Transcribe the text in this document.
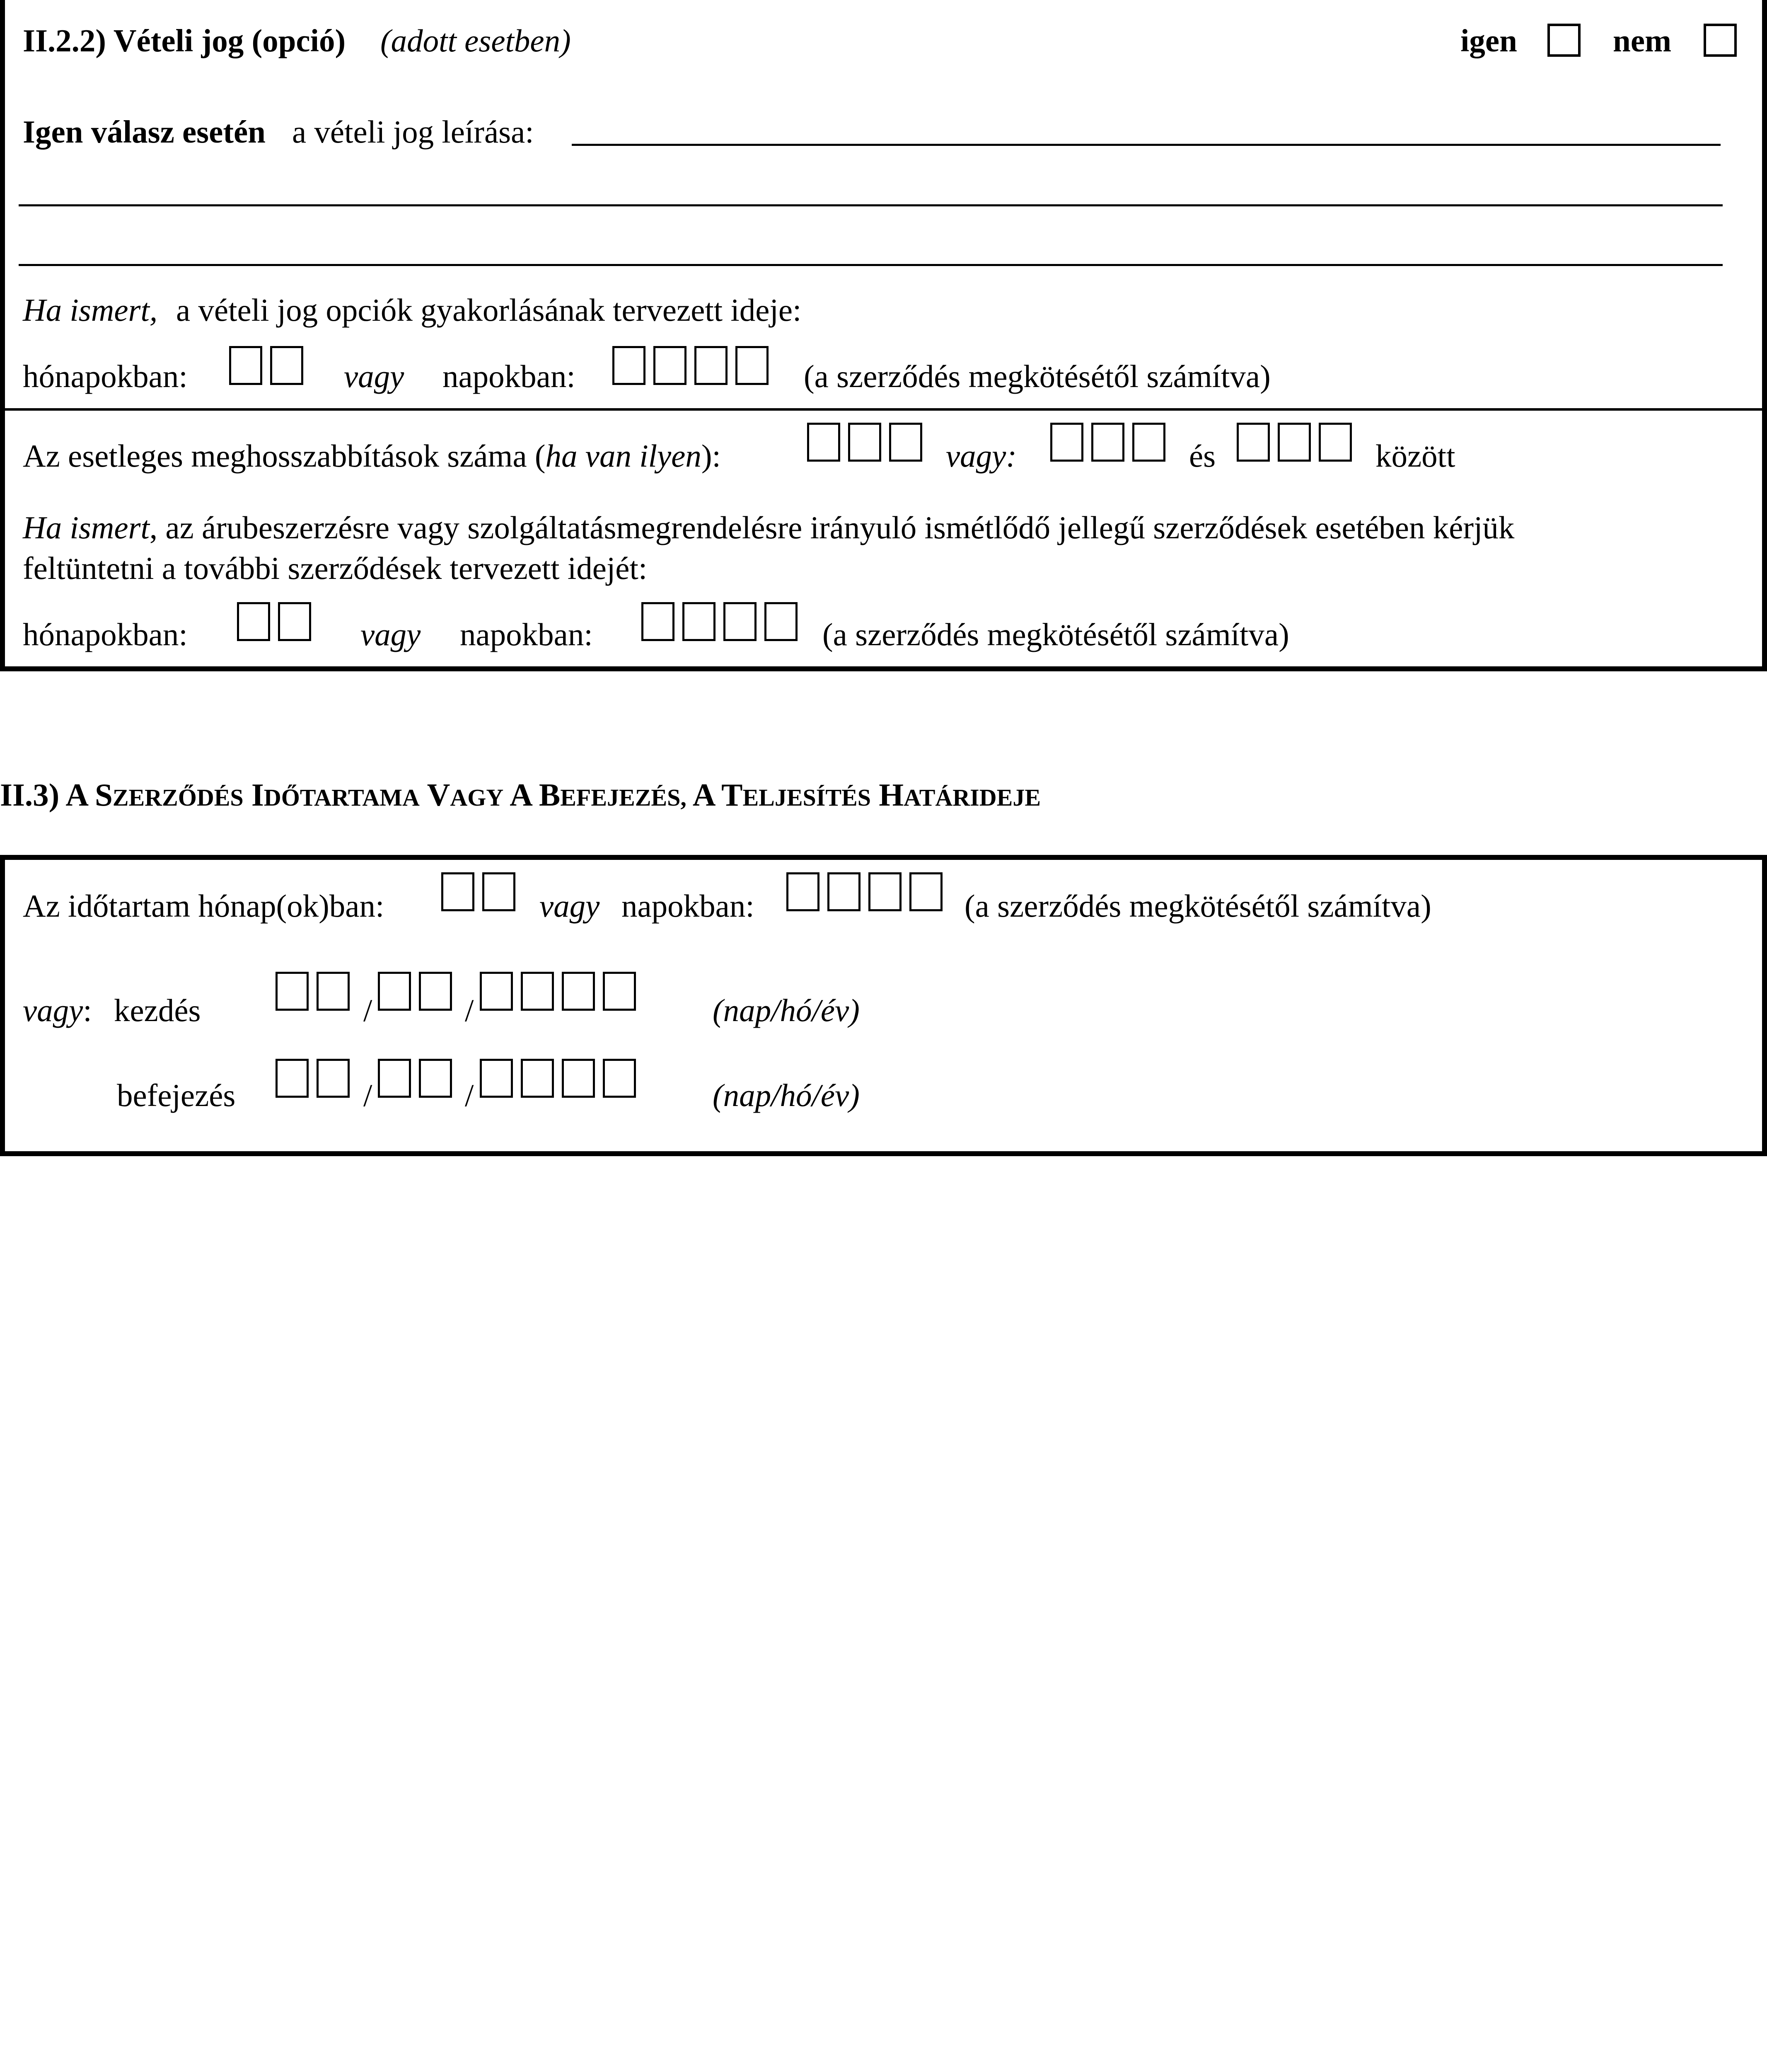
II.2.2) Vételi jog (opció) (adott esetben)	igen	nem
Igen válasz esetén a vételi jog leírása:
Ha ismert, a vételi jog opciók gyakorlásának tervezett ideje:
hónapokban:	vagy napokban:	(a szerződés megkötésétől számítva)
Az esetleges meghosszabbítások száma (ha van ilyen):	vagy:	és	között
Ha ismert, az árubeszerzésre vagy szolgáltatásmegrendelésre irányuló ismétlődő jellegű szerződések esetében kérjük
feltüntetni a további szerződések tervezett idejét:
hónapokban:	vagy napokban:	(a szerződés megkötésétől számítva)
II.3) A SZERZŐDÉS IDŐTARTAMA VAGY A BEFEJEZÉS, A TELJESÍTÉS HATÁRIDEJE
Az időtartam hónap(ok)ban:	vagy napokban:	(a szerződés megkötésétől számítva)
vagy: kezdés	/	/	(nap/hó/év)
befejezés	/	/	(nap/hó/év)
